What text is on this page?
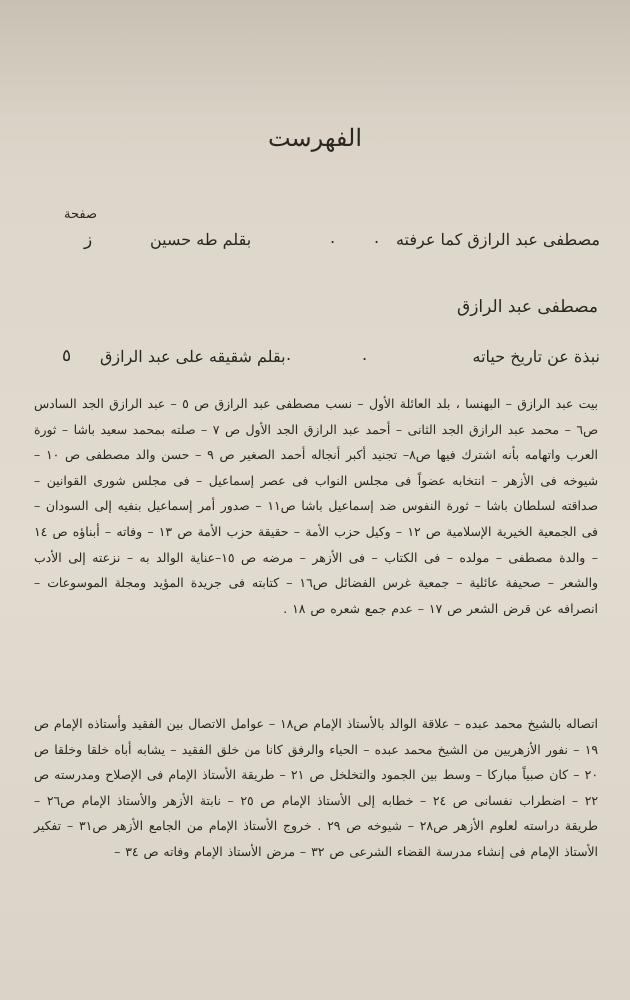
الفهرست
صفحة
ز	مصطفى عبد الرازق كما عرفته
.
.
بقلم طه حسين
مصطفى عبد الرازق
نبذة عن تاريخ حياته
.
.
بقلم شقيقه على عبد الرازق
٥
بيت عبد الرازق – البهنسا ، بلد العائلة الأول – نسب مصطفى عبد الرازق ص ٥ – عبد الرازق الجد السادس ص٦ – محمد عبد الرازق الجد الثانى – أحمد عبد الرازق الجد الأول ص ٧ – صلته بمحمد سعيد باشا – ثورة العرب واتهامه بأنه اشترك فيها ص٨– تجنيد أكبر أنجاله أحمد الصغير ص ٩ – حسن والد مصطفى ص ١٠ – شيوخه فى الأزهر – انتخابه عضواً فى مجلس النواب فى عصر إسماعيل – فى مجلس شورى القوانين – صداقته لسلطان باشا – ثورة النفوس ضد إسماعيل باشا ص١١ – صدور أمر إسماعيل بنفيه إلى السودان – فى الجمعية الخيرية الإسلامية ص ١٢ – وكيل حزب الأمة – حقيقة حزب الأمة ص ١٣ – وفاته – أبناؤه ص ١٤ – والدة مصطفى – مولده – فى الكتاب – فى الأزهر – مرضه ص ١٥–عناية الوالد به – نزعته إلى الأدب والشعر – صحيفة عائلية – جمعية غرس الفضائل ص١٦ – كتابته فى جريدة المؤيد ومجلة الموسوعات – انصرافه عن قرض الشعر ص ١٧ – عدم جمع شعره ص ١٨ .
اتصاله بالشيخ محمد عبده – علاقة الوالد بالأستاذ الإمام ص١٨ – عوامل الاتصال بين الفقيد وأستاذه الإمام ص ١٩ – نفور الأزهريين من الشيخ محمد عبده – الحياء والرفق كانا من خلق الفقيد – يشابه أباه خلقا وخلقا ص ٢٠ – كان صبياً مباركا – وسط بين الجمود والتخلخل ص ٢١ – طريقة الأستاذ الإمام فى الإصلاح ومدرسته ص ٢٢ – اضطراب نفسانى ص ٢٤ – خطابه إلى الأستاذ الإمام ص ٢٥ – نابتة الأزهر والأستاذ الإمام ص٢٦ – طريقة دراسته لعلوم الأزهر ص٢٨ – شيوخه ص ٢٩ . خروج الأستاذ الإمام من الجامع الأزهر ص٣١ – تفكير الأستاذ الإمام فى إنشاء مدرسة القضاء الشرعى ص ٣٢ – مرض الأستاذ الإمام وفاته ص ٣٤ –
